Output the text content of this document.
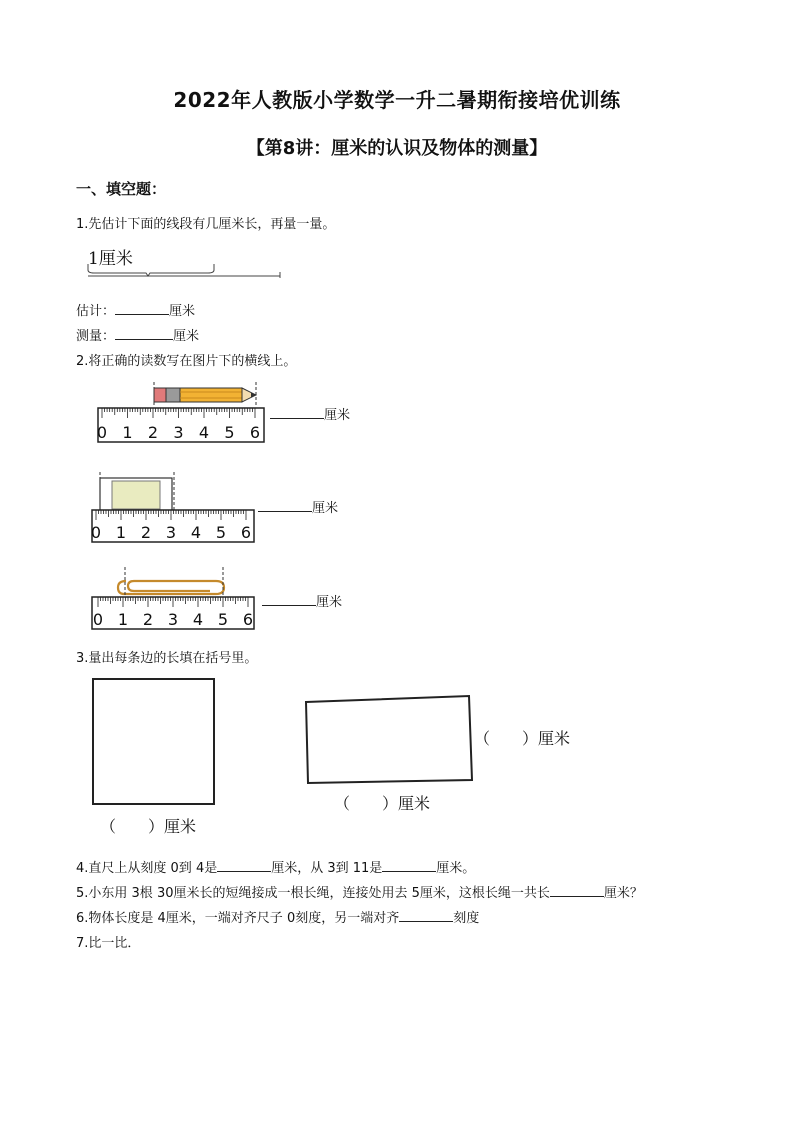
2022年人教版小学数学一升二暑期衔接培优训练
【第8讲：厘米的认识及物体的测量】
一、填空题：
1.先估计下面的线段有几厘米长，再量一量。
1厘米
估计：	厘米
测量：	厘米
2.将正确的读数写在图片下的横线上。
0 1 2 3 4 5 6
厘米
0 1 2 3 4 5 6
厘米
0 1 2 3 4 5 6
厘米
3.量出每条边的长填在括号里。
（　　）厘米
（　　）厘米
（　　）厘米
4.直尺上从刻度 0到 4是	厘米，从 3到 11是	厘米。
5.小东用 3根 30厘米长的短绳接成一根长绳，连接处用去 5厘米，这根长绳一共长	厘米？
6.物体长度是 4厘米，一端对齐尺子 0刻度，另一端对齐	刻度
7.比一比．
